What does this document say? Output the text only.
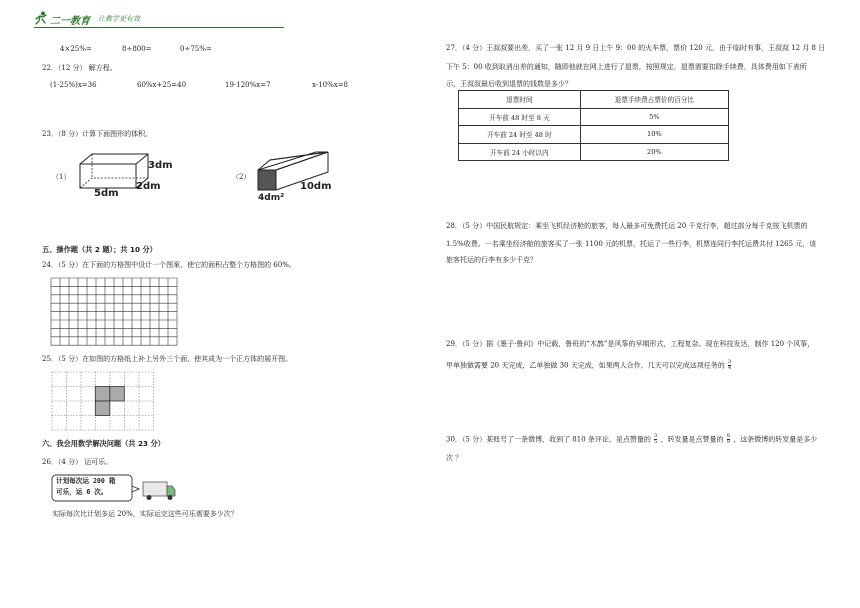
二一教育 让教学更有效
4×25%=	8÷800=	0÷75%=
22．（12 分） 解方程。
(1-25%)x=36	60%x+25=40	19-120%x=7	x-10%x=8
23．（8 分）计算下面图形的体积。
（1）
3dm
2dm
5dm
（2）
4dm²
10dm
五、操作题（共 2 题）；共 10 分）
24．（5 分）在下面的方格图中设计一个图案，使它的面积占整个方格图的 60%。
25．（5 分）在如图的方格纸上补上另外三个面，使其成为一个正方体的展开图。
六、我会用数学解决问题（共 23 分）
26．（4 分） 运可乐。
计划每次运 200 箱
可乐，运 6 次。
实际每次比计划多运 20%，实际运完这些可乐需要多少次？
27．（4 分）王叔叔要出差，买了一张 12 月 9 日上午 9：00 的火车票，票价 120 元，由于临时有事，王叔叔 12 月 8 日
下午 5：00 收到取消出差的通知，随即他就在网上进行了退票，按照规定，退票需要扣除手续费，具体费用如下表所
示，王叔叔最后收到退票的钱数是多少？
退票时间	退票手续费占票价的百分比
开车前 48 时至 8 天	5%
开车前 24 时至 48 时	10%
开车前 24 小时以内	20%
28．（5 分）中国民航规定：乘坐飞机经济舱的旅客，每人最多可免费托运 20 千克行李，超过部分每千克按飞机票的
1.5%收费。一名乘坐经济舱的旅客买了一张 1100 元的机票，托运了一些行李，机票连同行李托运费共付 1265 元，该
旅客托运的行李有多少千克？
29．（5 分）据《墨子·鲁问》中记载，鲁班的“木鹊”是风筝的早期形式，工程复杂。现在科技发达，制作 120 个风筝，
甲单独做需要 20 天完成，乙单独做 30 天完成，如果两人合作，几天可以完成这项任务的 $\frac{3}{4}$
30．（5 分）某账号了一条微博，收到了 810 条评论，是点赞量的 $\frac{3}{5}$ ，转发量是点赞量的 $\frac{8}{9}$ ，这条微博的转发量是多少
次 ？
